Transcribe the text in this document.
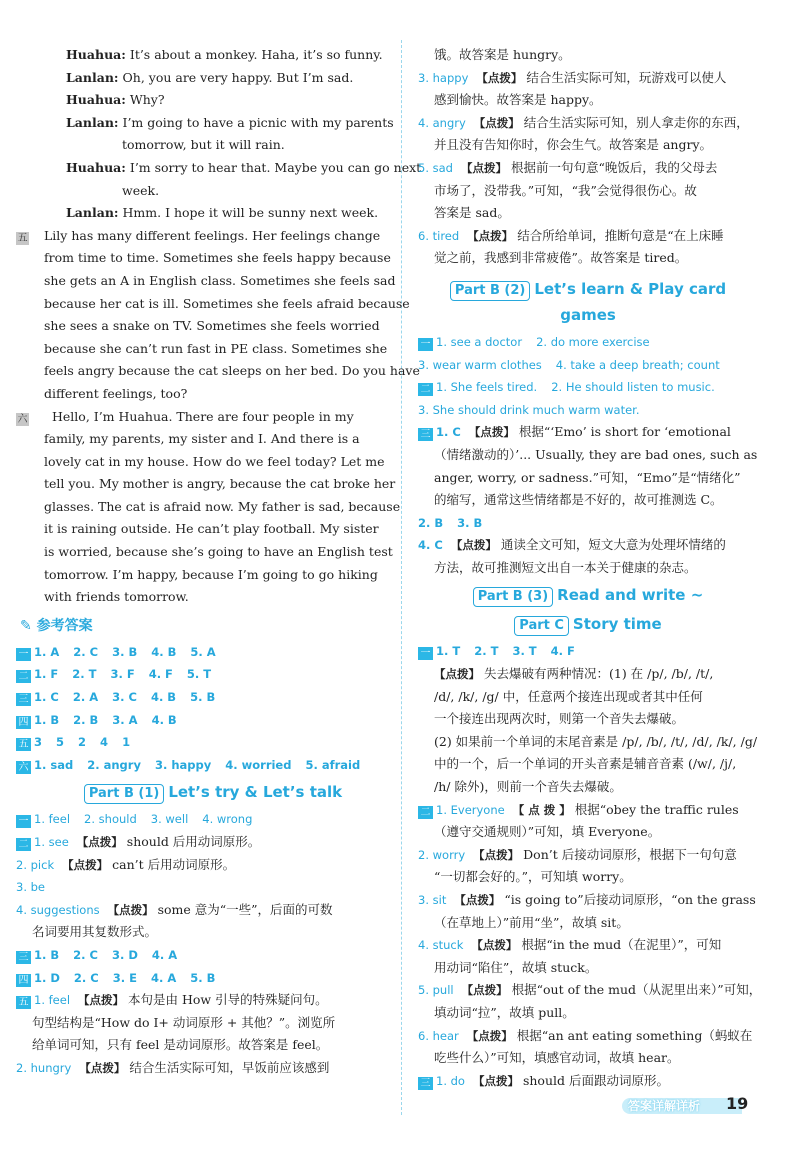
Huahua: It’s about a monkey. Haha, it’s so funny.
Lanlan: Oh, you are very happy. But I’m sad.
Huahua: Why?
Lanlan: I’m going to have a picnic with my parents
tomorrow, but it will rain.
Huahua: I’m sorry to hear that. Maybe you can go next
week.
Lanlan: Hmm. I hope it will be sunny next week.
五 Lily has many different feelings. Her feelings change
from time to time. Sometimes she feels happy because
she gets an A in English class. Sometimes she feels sad
because her cat is ill. Sometimes she feels afraid because
she sees a snake on TV. Sometimes she feels worried
because she can’t run fast in PE class. Sometimes she
feels angry because the cat sleeps on her bed. Do you have
different feelings, too?
六 Hello, I’m Huahua. There are four people in my
family, my parents, my sister and I. And there is a
lovely cat in my house. How do we feel today? Let me
tell you. My mother is angry, because the cat broke her
glasses. The cat is afraid now. My father is sad, because
it is raining outside. He can’t play football. My sister
is worried, because she’s going to have an English test
tomorrow. I’m happy, because I’m going to go hiking
with friends tomorrow.
✎ 参考答案
一 1. A 2. C 3. B 4. B 5. A
二 1. F 2. T 3. F 4. F 5. T
三 1. C 2. A 3. C 4. B 5. B
四 1. B 2. B 3. A 4. B
五 3 5 2 4 1
六 1. sad 2. angry 3. happy 4. worried 5. afraid
Part B (1) Let’s try & Let’s talk
一 1. feel 2. should 3. well 4. wrong
二 1. see 【点拨】 should 后用动词原形。
2. pick 【点拨】 can’t 后用动词原形。
3. be
4. suggestions 【点拨】 some 意为“一些”，后面的可数
名词要用其复数形式。
三 1. B 2. C 3. D 4. A
四 1. D 2. C 3. E 4. A 5. B
五 1. feel 【点拨】 本句是由 How 引导的特殊疑问句。
句型结构是“How do I+ 动词原形 + 其他？”。浏览所
给单词可知，只有 feel 是动词原形。故答案是 feel。
2. hungry 【点拨】 结合生活实际可知，早饭前应该感到
饿。故答案是 hungry。
3. happy 【点拨】 结合生活实际可知，玩游戏可以使人
感到愉快。故答案是 happy。
4. angry 【点拨】 结合生活实际可知，别人拿走你的东西，
并且没有告知你时，你会生气。故答案是 angry。
5. sad 【点拨】 根据前一句句意“晚饭后，我的父母去
市场了，没带我。”可知，“我”会觉得很伤心。故
答案是 sad。
6. tired 【点拨】 结合所给单词，推断句意是“在上床睡
觉之前，我感到非常疲倦”。故答案是 tired。
Part B (2) Let’s learn & Play card
games
一 1. see a doctor 2. do more exercise
3. wear warm clothes 4. take a deep breath; count
二 1. She feels tired. 2. He should listen to music.
3. She should drink much warm water.
三 1. C 【点拨】 根据“‘Emo’ is short for ‘emotional
（情绪激动的）’... Usually, they are bad ones, such as
anger, worry, or sadness.”可知，“Emo”是“情绪化”
的缩写，通常这些情绪都是不好的，故可推测选 C。
2. B 3. B
4. C 【点拨】 通读全文可知，短文大意为处理坏情绪的
方法，故可推测短文出自一本关于健康的杂志。
Part B (3) Read and write ~
Part C Story time
一 1. T 2. T 3. T 4. F
【点拨】 失去爆破有两种情况：(1) 在 /p/, /b/, /t/,
/d/, /k/, /g/ 中，任意两个接连出现或者其中任何
一个接连出现两次时，则第一个音失去爆破。
(2) 如果前一个单词的末尾音素是 /p/, /b/, /t/, /d/, /k/, /g/
中的一个，后一个单词的开头音素是辅音音素 (/w/, /j/,
/h/ 除外)，则前一个音失去爆破。
二 1. Everyone 【 点 拨 】 根据“obey the traffic rules
（遵守交通规则）”可知，填 Everyone。
2. worry 【点拨】 Don’t 后接动词原形，根据下一句句意
“一切都会好的。”，可知填 worry。
3. sit 【点拨】 “is going to”后接动词原形，“on the grass
（在草地上）”前用“坐”，故填 sit。
4. stuck 【点拨】 根据“in the mud（在泥里）”，可知
用动词“陷住”，故填 stuck。
5. pull 【点拨】 根据“out of the mud（从泥里出来）”可知，
填动词“拉”，故填 pull。
6. hear 【点拨】 根据“an ant eating something（蚂蚁在
吃些什么）”可知，填感官动词，故填 hear。
三 1. do 【点拨】 should 后面跟动词原形。
答案详解详析 19
